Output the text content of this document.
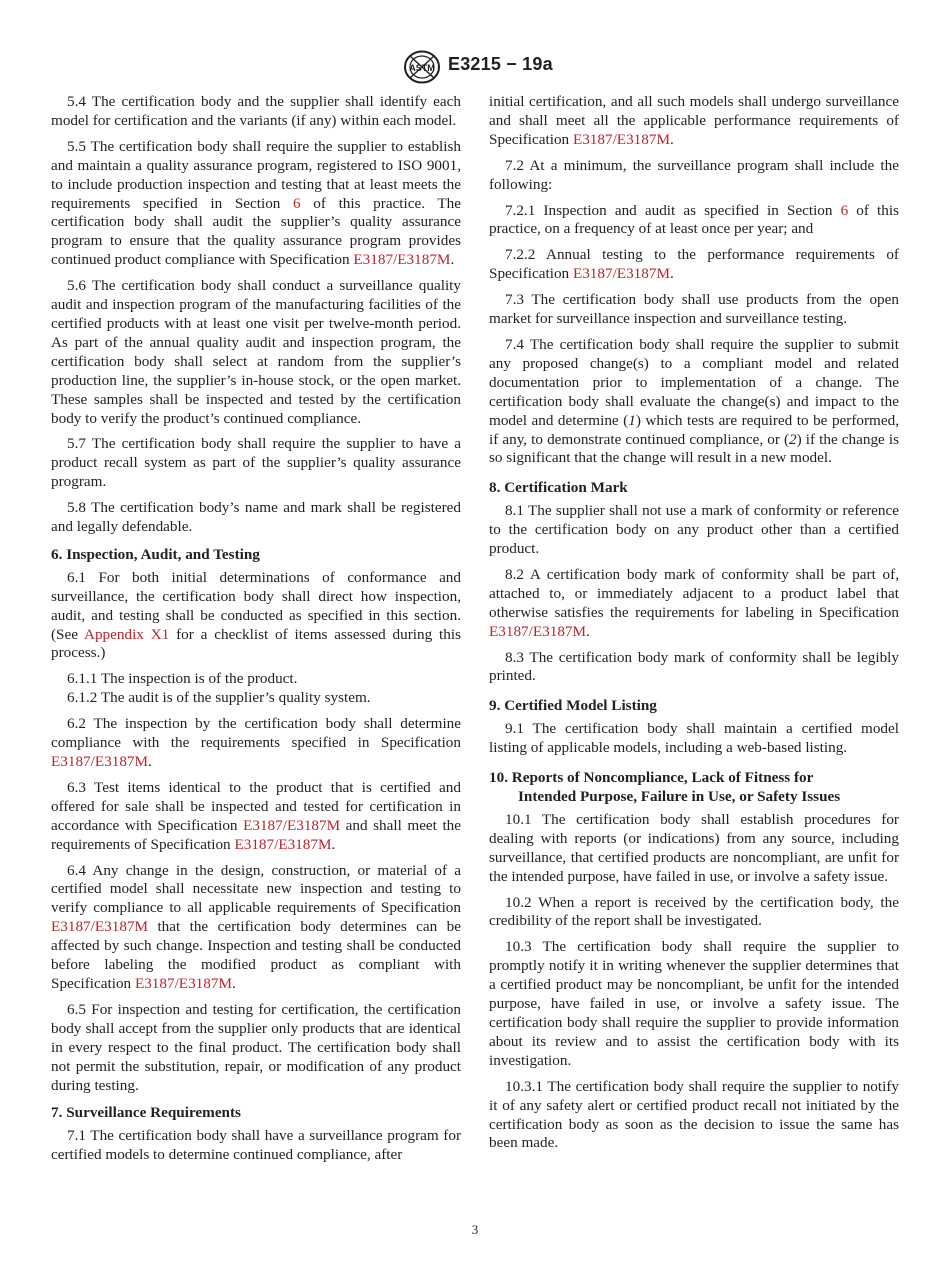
ASTM E3215 − 19a

5.4 The certification body and the supplier shall identify each model for certification and the variants (if any) within each model.

5.5 The certification body shall require the supplier to establish and maintain a quality assurance program, registered to ISO 9001, to include production inspection and testing that at least meets the requirements specified in Section 6 of this practice. The certification body shall audit the supplier’s quality assurance program to ensure that the quality assurance program provides continued product compliance with Specification E3187/E3187M.

5.6 The certification body shall conduct a surveillance quality audit and inspection program of the manufacturing facilities of the certified products with at least one visit per twelve-month period. As part of the annual quality audit and inspection program, the certification body shall select at random from the supplier’s production line, the supplier’s in-house stock, or the open market. These samples shall be inspected and tested by the certification body to verify the product’s continued compliance.

5.7 The certification body shall require the supplier to have a product recall system as part of the supplier’s quality assurance program.

5.8 The certification body’s name and mark shall be registered and legally defendable.

6. Inspection, Audit, and Testing

6.1 For both initial determinations of conformance and surveillance, the certification body shall direct how inspection, audit, and testing shall be conducted as specified in this section. (See Appendix X1 for a checklist of items assessed during this process.)

6.1.1 The inspection is of the product.

6.1.2 The audit is of the supplier’s quality system.

6.2 The inspection by the certification body shall determine compliance with the requirements specified in Specification E3187/E3187M.

6.3 Test items identical to the product that is certified and offered for sale shall be inspected and tested for certification in accordance with Specification E3187/E3187M and shall meet the requirements of Specification E3187/E3187M.

6.4 Any change in the design, construction, or material of a certified model shall necessitate new inspection and testing to verify compliance to all applicable requirements of Specification E3187/E3187M that the certification body determines can be affected by such change. Inspection and testing shall be conducted before labeling the modified product as compliant with Specification E3187/E3187M.

6.5 For inspection and testing for certification, the certification body shall accept from the supplier only products that are identical in every respect to the final product. The certification body shall not permit the substitution, repair, or modification of any product during testing.

7. Surveillance Requirements

7.1 The certification body shall have a surveillance program for certified models to determine continued compliance, after

initial certification, and all such models shall undergo surveillance and shall meet all the applicable performance requirements of Specification E3187/E3187M.

7.2 At a minimum, the surveillance program shall include the following:

7.2.1 Inspection and audit as specified in Section 6 of this practice, on a frequency of at least once per year; and

7.2.2 Annual testing to the performance requirements of Specification E3187/E3187M.

7.3 The certification body shall use products from the open market for surveillance inspection and surveillance testing.

7.4 The certification body shall require the supplier to submit any proposed change(s) to a compliant model and related documentation prior to implementation of a change. The certification body shall evaluate the change(s) and impact to the model and determine (1) which tests are required to be performed, if any, to demonstrate continued compliance, or (2) if the change is so significant that the change will result in a new model.

8. Certification Mark

8.1 The supplier shall not use a mark of conformity or reference to the certification body on any product other than a certified product.

8.2 A certification body mark of conformity shall be part of, attached to, or immediately adjacent to a product label that otherwise satisfies the requirements for labeling in Specification E3187/E3187M.

8.3 The certification body mark of conformity shall be legibly printed.

9. Certified Model Listing

9.1 The certification body shall maintain a certified model listing of applicable models, including a web-based listing.

10. Reports of Noncompliance, Lack of Fitness for
Intended Purpose, Failure in Use, or Safety Issues

10.1 The certification body shall establish procedures for dealing with reports (or indications) from any source, including surveillance, that certified products are noncompliant, are unfit for the intended purpose, have failed in use, or involve a safety issue.

10.2 When a report is received by the certification body, the credibility of the report shall be investigated.

10.3 The certification body shall require the supplier to promptly notify it in writing whenever the supplier determines that a certified product may be noncompliant, be unfit for the intended purpose, have failed in use, or involve a safety issue. The certification body shall require the supplier to provide information about its review and to assist the certification body with its investigation.

10.3.1 The certification body shall require the supplier to notify it of any safety alert or certified product recall not initiated by the certification body as soon as the decision to issue the same has been made.

3
